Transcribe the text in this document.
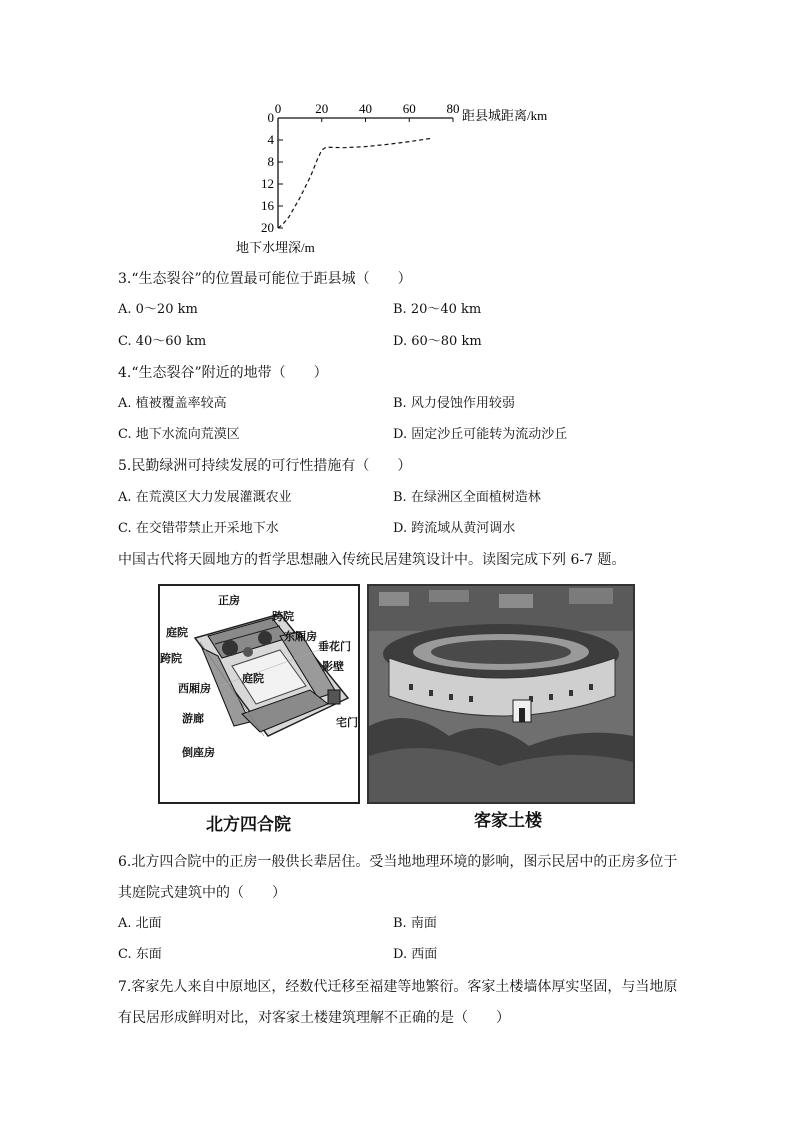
0	20 40 60 80
0
4
8
12
16
20
距县城距离/km
地下水埋深/m
3.“生态裂谷”的位置最可能位于距县城（　　）
A. 0～20 km	B. 20～40 km
C. 40～60 km	D. 60～80 km
4.“生态裂谷”附近的地带（　　）
A. 植被覆盖率较高	B. 风力侵蚀作用较弱
C. 地下水流向荒漠区	D. 固定沙丘可能转为流动沙丘
5.民勤绿洲可持续发展的可行性措施有（　　）
A. 在荒漠区大力发展灌溉农业	B. 在绿洲区全面植树造林
C. 在交错带禁止开采地下水	D. 跨流域从黄河调水
中国古代将天圆地方的哲学思想融入传统民居建筑设计中。读图完成下列 6-7 题。
正房
庭院
跨院
东厢房
垂花门
跨院
影壁
庭院
西厢房
宅门
游廊
倒座房
北方四合院	客家土楼
6.北方四合院中的正房一般供长辈居住。受当地地理环境的影响，图示民居中的正房多位于
其庭院式建筑中的（　　）
A. 北面	B. 南面
C. 东面	D. 西面
7.客家先人来自中原地区，经数代迁移至福建等地繁衍。客家土楼墙体厚实坚固，与当地原
有民居形成鲜明对比，对客家土楼建筑理解不正确的是（　　）
